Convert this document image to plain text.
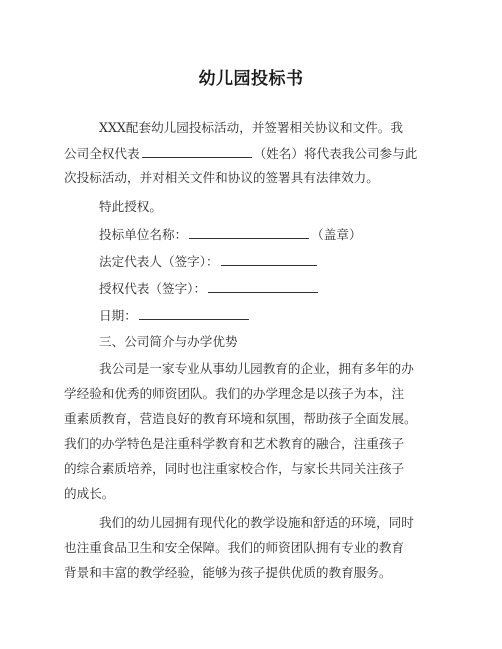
幼儿园投标书
XXX配套幼儿园投标活动，并签署相关协议和文件。我
公司全权代表	（姓名）将代表我公司参与此
次投标活动，并对相关文件和协议的签署具有法律效力。
特此授权。
投标单位名称：	（盖章）
法定代表人（签字）：
授权代表（签字）：
日期：
三、公司简介与办学优势
我公司是一家专业从事幼儿园教育的企业，拥有多年的办
学经验和优秀的师资团队。我们的办学理念是以孩子为本，注
重素质教育，营造良好的教育环境和氛围，帮助孩子全面发展。
我们的办学特色是注重科学教育和艺术教育的融合，注重孩子
的综合素质培养，同时也注重家校合作，与家长共同关注孩子
的成长。
我们的幼儿园拥有现代化的教学设施和舒适的环境，同时
也注重食品卫生和安全保障。我们的师资团队拥有专业的教育
背景和丰富的教学经验，能够为孩子提供优质的教育服务。
